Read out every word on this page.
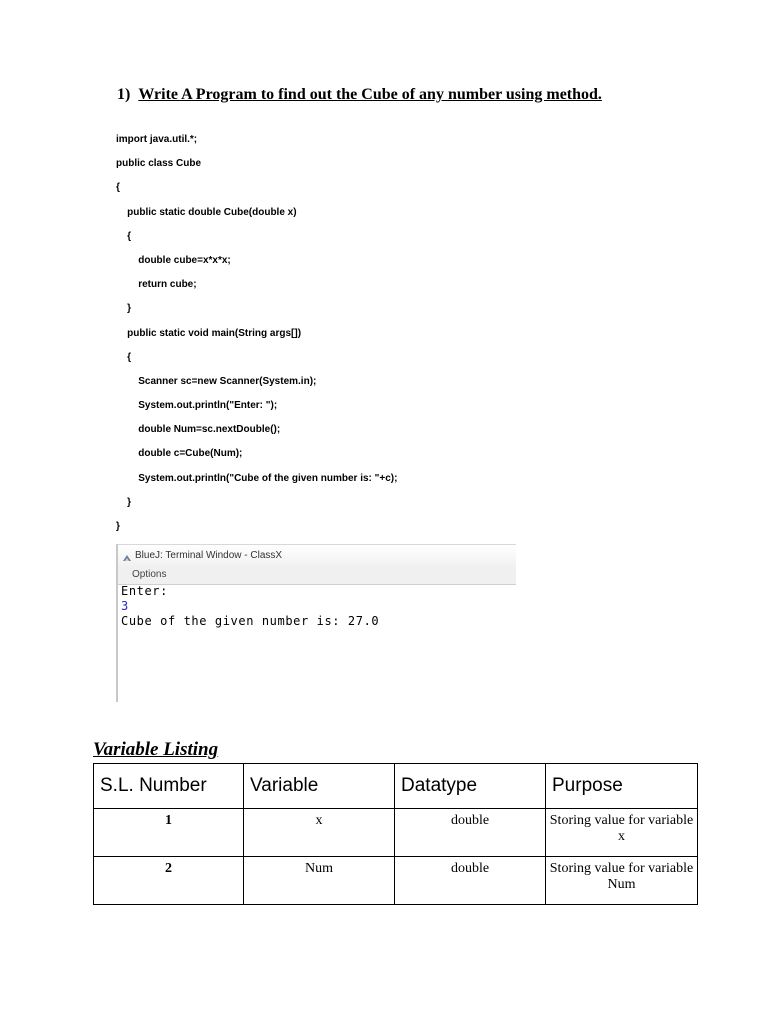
1) Write A Program to find out the Cube of any number using method.
import java.util.*;
public class Cube
{
public static double Cube(double x)
{
double cube=x*x*x;
return cube;
}
public static void main(String args[])
{
Scanner sc=new Scanner(System.in);
System.out.println("Enter: ");
double Num=sc.nextDouble();
double c=Cube(Num);
System.out.println("Cube of the given number is: "+c);
}
}
BlueJ: Terminal Window - ClassX
Options
Enter:
3
Cube of the given number is: 27.0
Variable Listing
S.L. Number	Variable	Datatype	Purpose
1	x	double	Storing value for variable x
2	Num	double	Storing value for variable Num
